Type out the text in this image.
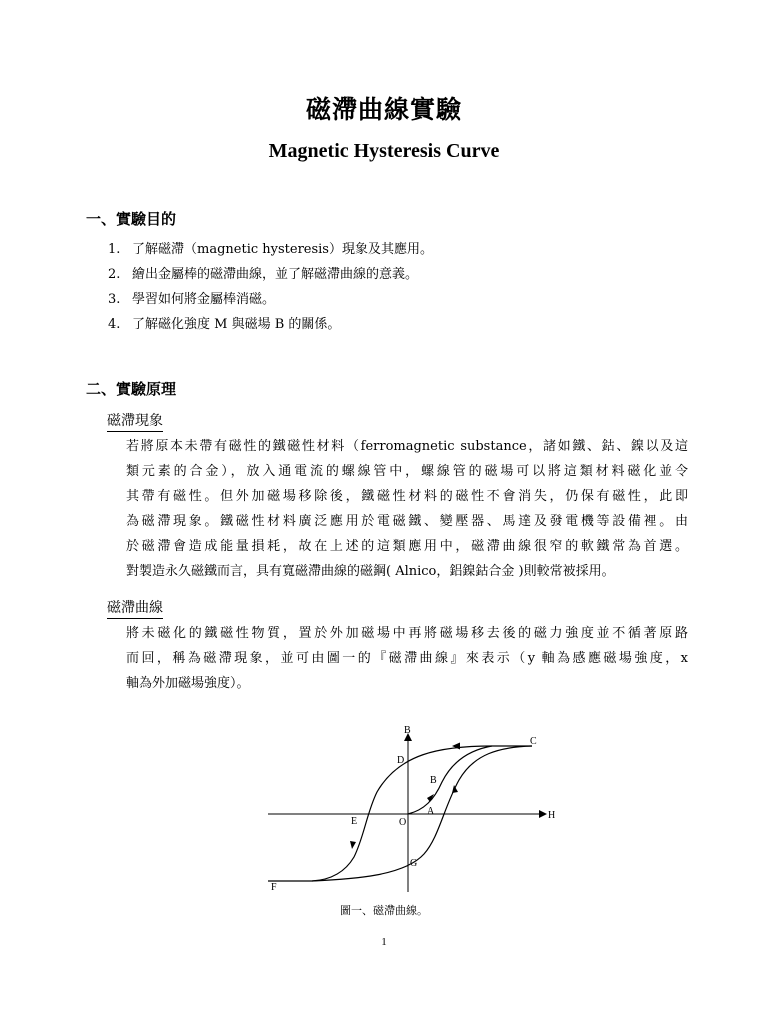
磁滯曲線實驗
Magnetic Hysteresis Curve
一、實驗目的
1. 了解磁滯（magnetic hysteresis）現象及其應用。
2. 繪出金屬棒的磁滯曲線，並了解磁滯曲線的意義。
3. 學習如何將金屬棒消磁。
4. 了解磁化強度 M 與磁場 B 的關係。
二、實驗原理
磁滯現象
若將原本未帶有磁性的鐵磁性材料（ferromagnetic substance，諸如鐵、鈷、鎳以及這
類元素的合金），放入通電流的螺線管中，螺線管的磁場可以將這類材料磁化並令
其帶有磁性。但外加磁場移除後，鐵磁性材料的磁性不會消失，仍保有磁性，此即
為磁滯現象。鐵磁性材料廣泛應用於電磁鐵、變壓器、馬達及發電機等設備裡。由
於磁滯會造成能量損耗，故在上述的這類應用中，磁滯曲線很窄的軟鐵常為首選。
對製造永久磁鐵而言，具有寬磁滯曲線的磁鋼( Alnico，鋁鎳鈷合金 )則較常被採用。
磁滯曲線
將未磁化的鐵磁性物質，置於外加磁場中再將磁場移去後的磁力強度並不循著原路
而回，稱為磁滯現象，並可由圖一的『磁滯曲線』來表示（y 軸為感應磁場強度，x
軸為外加磁場強度）。
B
H
C
D
B
A
O
E
G
F
圖一、磁滯曲線。
1
